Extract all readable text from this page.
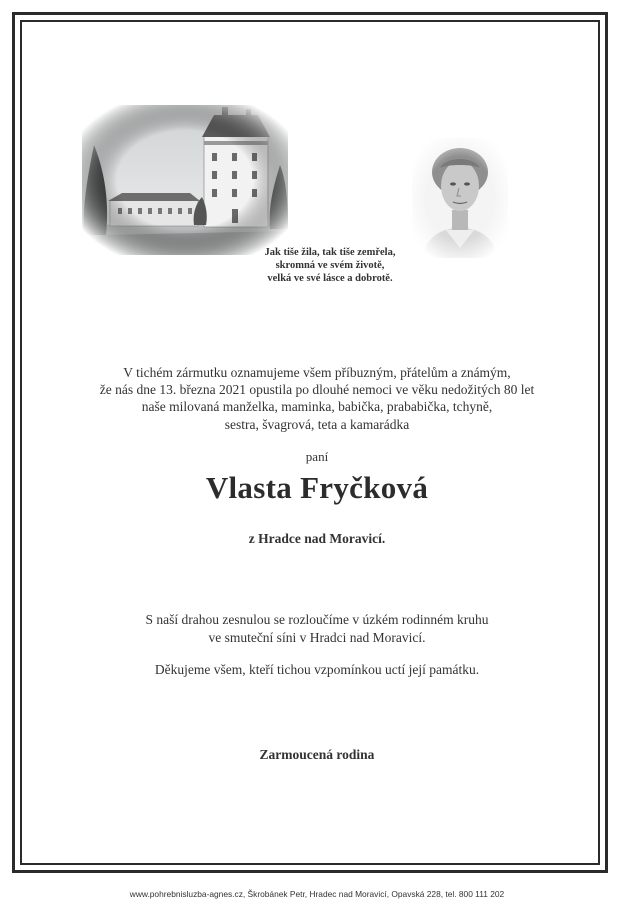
Jak tiše žila, tak tiše zemřela,
skromná ve svém životě,
velká ve své lásce a dobrotě.
V tichém zármutku oznamujeme všem příbuzným, přátelům a známým,
že nás dne 13. března 2021 opustila po dlouhé nemoci ve věku nedožitých 80 let
naše milovaná manželka, maminka, babička, prababička, tchyně,
sestra, švagrová, teta a kamarádka
paní
Vlasta Fryčková
z Hradce nad Moravicí.
S naší drahou zesnulou se rozloučíme v úzkém rodinném kruhu
ve smuteční síni v Hradci nad Moravicí.
Děkujeme všem, kteří tichou vzpomínkou uctí její památku.
Zarmoucená rodina
www.pohrebnisluzba-agnes.cz, Škrobánek Petr, Hradec nad Moravicí, Opavská 228, tel. 800 111 202
